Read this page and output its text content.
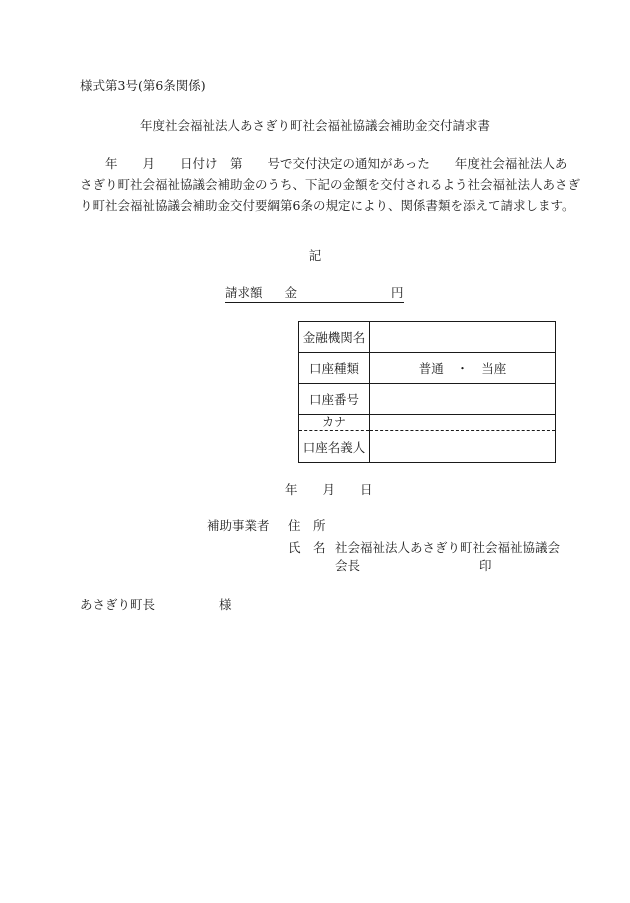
様式第3号(第6条関係)
年度社会福祉法人あさぎり町社会福祉協議会補助金交付請求書
　　年　　月　　日付け　第　　号で交付決定の通知があった　　年度社会福祉法人あ
さぎり町社会福祉協議会補助金のうち、下記の金額を交付されるよう社会福祉法人あさぎ
り町社会福祉協議会補助金交付要綱第6条の規定により、関係書類を添えて請求します。
記
請求額 金	円
金融機関名	
口座種類	普通　・　当座
口座番号	
カナ	
口座名義人	
年　　月　　日
補助事業者 住　所
氏　名 社会福祉法人あさぎり町社会福祉協議会
会長	印
あさぎり町長	様
